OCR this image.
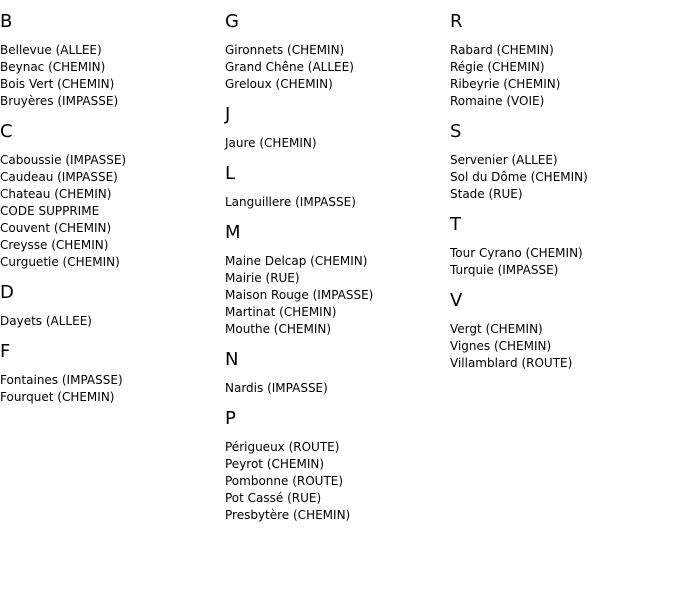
B
Bellevue (ALLEE)
Beynac (CHEMIN)
Bois Vert (CHEMIN)
Bruyères (IMPASSE)
C
Caboussie (IMPASSE)
Caudeau (IMPASSE)
Chateau (CHEMIN)
CODE SUPPRIME
Couvent (CHEMIN)
Creysse (CHEMIN)
Curguetie (CHEMIN)
D
Dayets (ALLEE)
F
Fontaines (IMPASSE)
Fourquet (CHEMIN)
G
Gironnets (CHEMIN)
Grand Chêne (ALLEE)
Greloux (CHEMIN)
J
Jaure (CHEMIN)
L
Languillere (IMPASSE)
M
Maine Delcap (CHEMIN)
Mairie (RUE)
Maison Rouge (IMPASSE)
Martinat (CHEMIN)
Mouthe (CHEMIN)
N
Nardis (IMPASSE)
P
Périgueux (ROUTE)
Peyrot (CHEMIN)
Pombonne (ROUTE)
Pot Cassé (RUE)
Presbytère (CHEMIN)
R
Rabard (CHEMIN)
Régie (CHEMIN)
Ribeyrie (CHEMIN)
Romaine (VOIE)
S
Servenier (ALLEE)
Sol du Dôme (CHEMIN)
Stade (RUE)
T
Tour Cyrano (CHEMIN)
Turquie (IMPASSE)
V
Vergt (CHEMIN)
Vignes (CHEMIN)
Villamblard (ROUTE)
